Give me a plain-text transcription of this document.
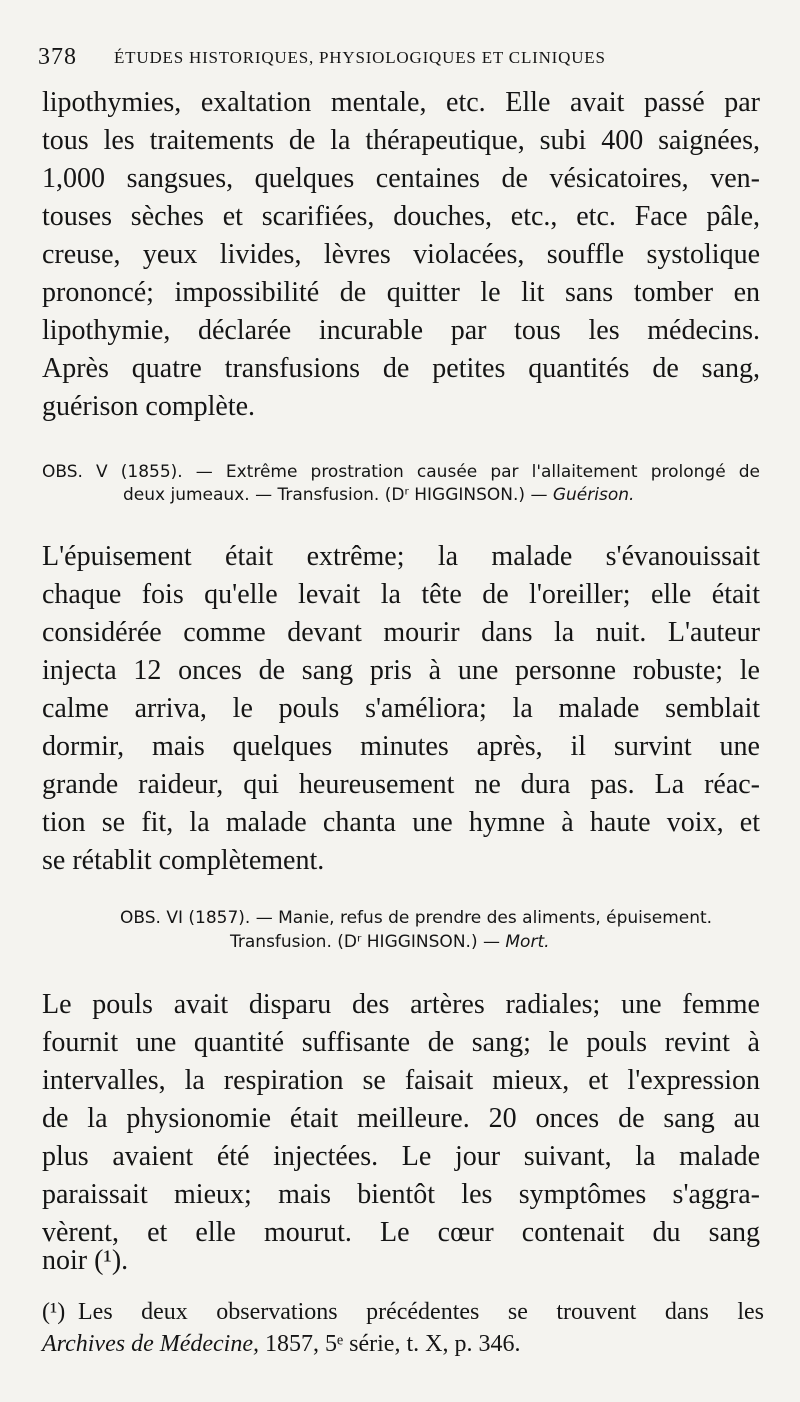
378 ÉTUDES HISTORIQUES, PHYSIOLOGIQUES ET CLINIQUES
lipothymies, exaltation mentale, etc. Elle avait passé par
tous les traitements de la thérapeutique, subi 400 saignées,
1,000 sangsues, quelques centaines de vésicatoires, ven-
touses sèches et scarifiées, douches, etc., etc. Face pâle,
creuse, yeux livides, lèvres violacées, souffle systolique
prononcé; impossibilité de quitter le lit sans tomber en
lipothymie, déclarée incurable par tous les médecins.
Après quatre transfusions de petites quantités de sang,
guérison complète.
OBS. V (1855). — Extrême prostration causée par l'allaitement prolongé de
deux jumeaux. — Transfusion. (Dʳ HIGGINSON.) — Guérison.
L'épuisement était extrême; la malade s'évanouissait
chaque fois qu'elle levait la tête de l'oreiller; elle était
considérée comme devant mourir dans la nuit. L'auteur
injecta 12 onces de sang pris à une personne robuste; le
calme arriva, le pouls s'améliora; la malade semblait
dormir, mais quelques minutes après, il survint une
grande raideur, qui heureusement ne dura pas. La réac-
tion se fit, la malade chanta une hymne à haute voix, et
se rétablit complètement.
OBS. VI (1857). — Manie, refus de prendre des aliments, épuisement.
Transfusion. (Dʳ HIGGINSON.) — Mort.
Le pouls avait disparu des artères radiales; une femme
fournit une quantité suffisante de sang; le pouls revint à
intervalles, la respiration se faisait mieux, et l'expression
de la physionomie était meilleure. 20 onces de sang au
plus avaient été injectées. Le jour suivant, la malade
paraissait mieux; mais bientôt les symptômes s'aggra-
vèrent, et elle mourut. Le cœur contenait du sang
noir (¹).
(¹) Les deux observations précédentes se trouvent dans les
Archives de Médecine, 1857, 5ᵉ série, t. X, p. 346.
